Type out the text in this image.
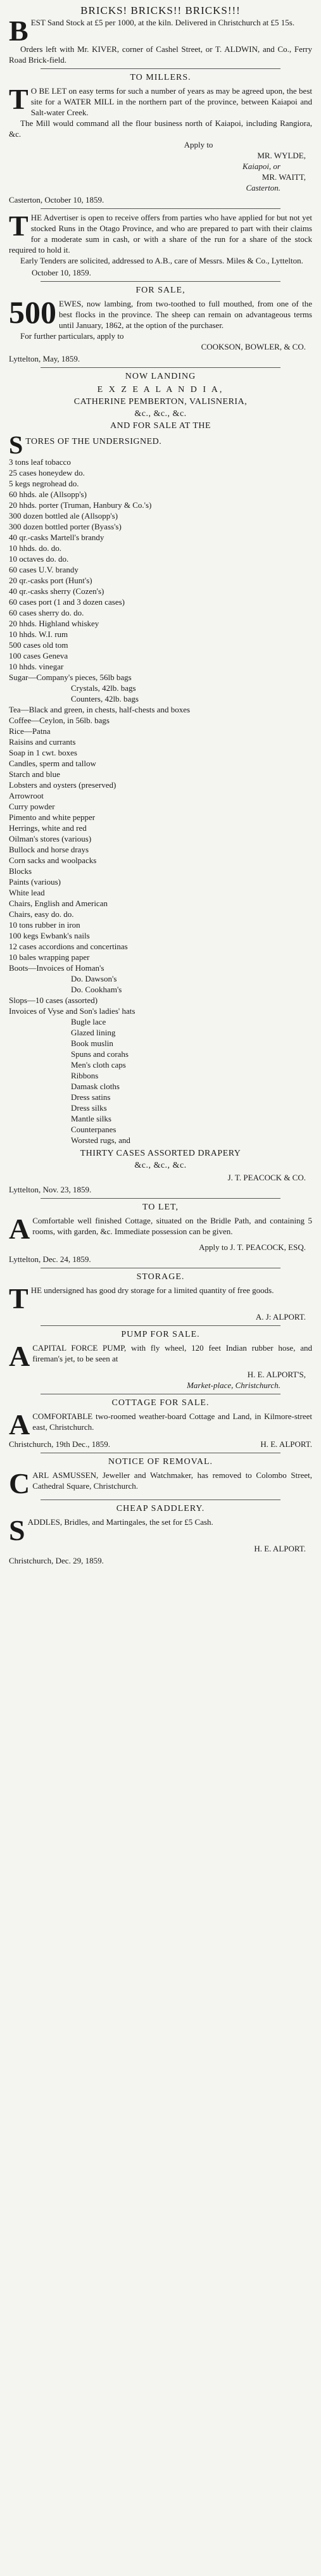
BRICKS! BRICKS!! BRICKS!!!
B EST Sand Stock at £5 per 1000, at the kiln. Delivered in Christchurch at £5 15s.

Orders left with Mr. KIVER, corner of Cashel Street, or T. ALDWIN, and Co., Ferry Road Brick-field.

TO MILLERS.
T O BE LET on easy terms for such a number of years as may be agreed upon, the best site for a WATER MILL in the northern part of the province, between Kaiapoi and Salt-water Creek.

The Mill would command all the flour business north of Kaiapoi, including Rangiora, &c.

Apply to
MR. WYLDE,
Kaiapoi, or
MR. WAITT,
Casterton.

Casterton, October 10, 1859.

T HE Advertiser is open to receive offers from parties who have applied for but not yet stocked Runs in the Otago Province, and who are prepared to part with their claims for a moderate sum in cash, or with a share of the run for a share of the stock required to hold it.

Early Tenders are solicited, addressed to A.B., care of Messrs. Miles & Co., Lyttelton.

October 10, 1859.

FOR SALE,
500 EWES, now lambing, from two-toothed to full mouthed, from one of the best flocks in the province. The sheep can remain on advantageous terms until January, 1862, at the option of the purchaser.

For further particulars, apply to

COOKSON, BOWLER, & CO.

Lyttelton, May, 1859.

NOW LANDING
E X Z E A L A N D I A,
CATHERINE PEMBERTON, VALISNERIA,
&c., &c., &c.
AND FOR SALE AT THE
S TORES OF THE UNDERSIGNED.
3 tons leaf tobacco
25 cases honeydew do.
5 kegs negrohead do.
60 hhds. ale (Allsopp's)
20 hhds. porter (Truman, Hanbury & Co.'s)
300 dozen bottled ale (Allsopp's)
300 dozen bottled porter (Byass's)
40 qr.-casks Martell's brandy
10 hhds. do. do.
10 octaves do. do.
60 cases U.V. brandy
20 qr.-casks port (Hunt's)
40 qr.-casks sherry (Cozen's)
60 cases port (1 and 3 dozen cases)
60 cases sherry do. do.
20 hhds. Highland whiskey
10 hhds. W.I. rum
500 cases old tom
100 cases Geneva
10 hhds. vinegar
Sugar—Company's pieces, 56lb bags
Crystals, 42lb. bags
Counters, 42lb. bags
Tea—Black and green, in chests, half-chests and boxes
Coffee—Ceylon, in 56lb. bags
Rice—Patna
Raisins and currants
Soap in 1 cwt. boxes
Candles, sperm and tallow
Starch and blue
Lobsters and oysters (preserved)
Arrowroot
Curry powder
Pimento and white pepper
Herrings, white and red
Oilman's stores (various)
Bullock and horse drays
Corn sacks and woolpacks
Blocks
Paints (various)
White lead
Chairs, English and American
Chairs, easy do. do.
10 tons rubber in iron
100 kegs Ewbank's nails
12 cases accordions and concertinas
10 bales wrapping paper
Boots—Invoices of Homan's
Do. Dawson's
Do. Cookham's
Slops—10 cases (assorted)
Invoices of Vyse and Son's ladies' hats
Bugle lace
Glazed lining
Book muslin
Spuns and corahs
Men's cloth caps
Ribbons
Damask cloths
Dress satins
Dress silks
Mantle silks
Counterpanes
Worsted rugs, and
THIRTY CASES ASSORTED DRAPERY
&c., &c., &c.
J. T. PEACOCK & CO.

Lyttelton, Nov. 23, 1859.

TO LET,
A Comfortable well finished Cottage, situated on the Bridle Path, and containing 5 rooms, with garden, &c. Immediate possession can be given.

Apply to J. T. PEACOCK, ESQ.

Lyttelton, Dec. 24, 1859.

STORAGE.
T HE undersigned has good dry storage for a limited quantity of free goods.

A. J: ALPORT.
PUMP FOR SALE.
A CAPITAL FORCE PUMP, with fly wheel, 120 feet Indian rubber hose, and fireman's jet, to be seen at

H. E. ALPORT'S,
Market-place, Christchurch.
COTTAGE FOR SALE.
A COMFORTABLE two-roomed weather-board Cottage and Land, in Kilmore-street east, Christchurch.

Christchurch, 19th Dec., 1859.	H. E. ALPORT.
NOTICE OF REMOVAL.
C ARL ASMUSSEN, Jeweller and Watchmaker, has removed to Colombo Street, Cathedral Square, Christchurch.

CHEAP SADDLERY.
S ADDLES, Bridles, and Martingales, the set for £5 Cash.

H. E. ALPORT.

Christchurch, Dec. 29, 1859.
